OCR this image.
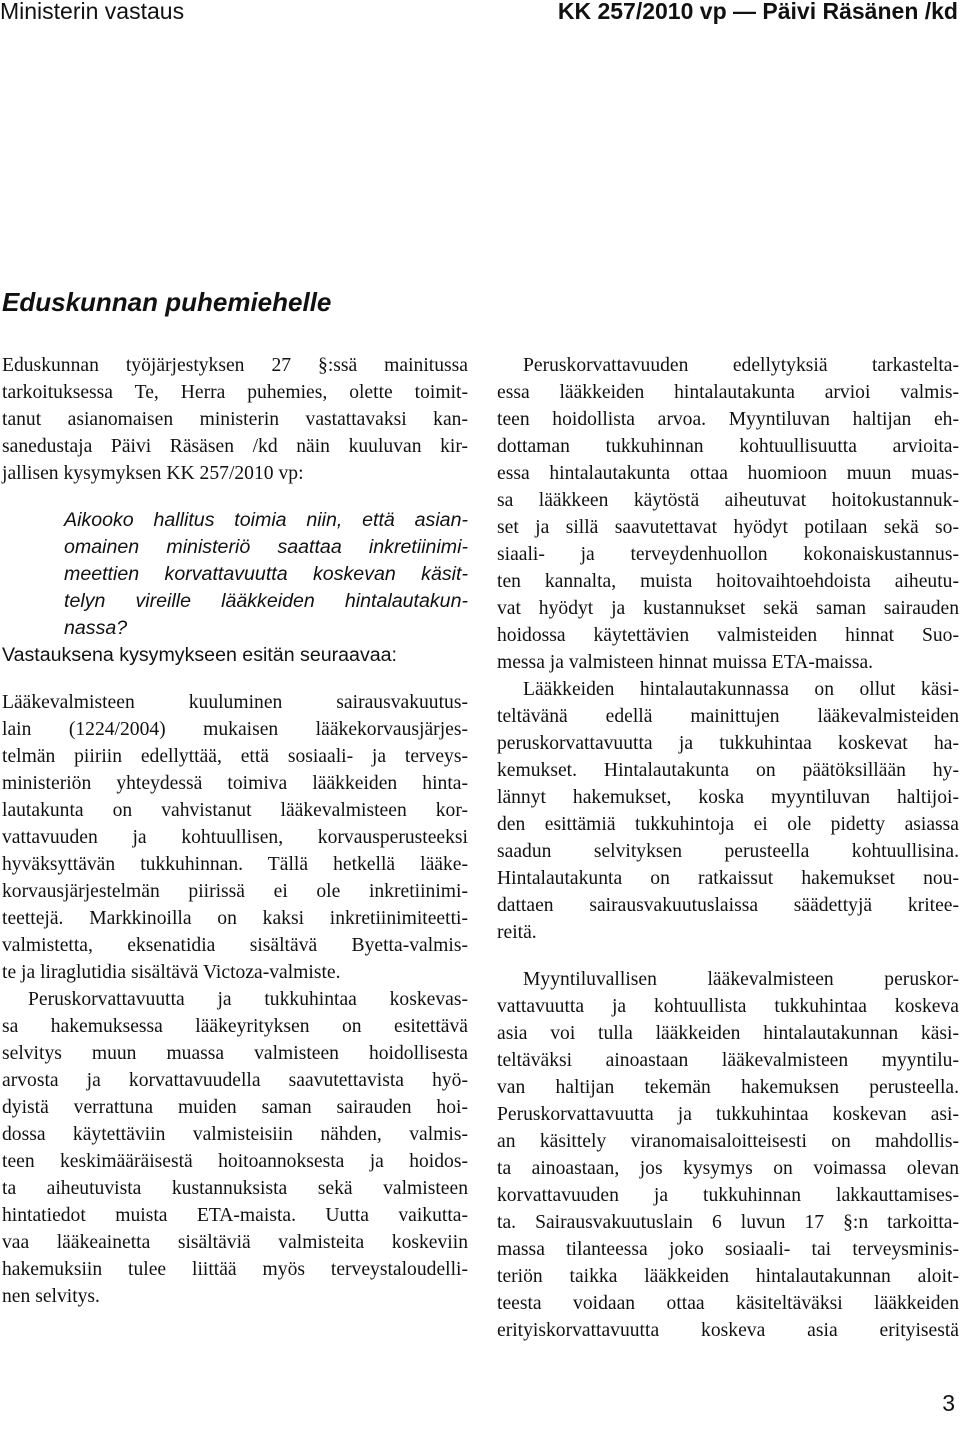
Ministerin vastaus	KK 257/2010 vp — Päivi Räsänen /kd
Eduskunnan puhemiehelle
Eduskunnan työjärjestyksen 27 §:ssä mainitussa
tarkoituksessa Te, Herra puhemies, olette toimit-
tanut asianomaisen ministerin vastattavaksi kan-
sanedustaja Päivi Räsäsen /kd näin kuuluvan kir-
jallisen kysymyksen KK 257/2010 vp:
Aikooko hallitus toimia niin, että asian-
omainen ministeriö saattaa inkretiinimi-
meettien korvattavuutta koskevan käsit-
telyn vireille lääkkeiden hintalautakun-
nassa?
Vastauksena kysymykseen esitän seuraavaa:
Lääkevalmisteen kuuluminen sairausvakuutus-
lain (1224/2004) mukaisen lääkekorvausjärjes-
telmän piiriin edellyttää, että sosiaali- ja terveys-
ministeriön yhteydessä toimiva lääkkeiden hinta-
lautakunta on vahvistanut lääkevalmisteen kor-
vattavuuden ja kohtuullisen, korvausperusteeksi
hyväksyttävän tukkuhinnan. Tällä hetkellä lääke-
korvausjärjestelmän piirissä ei ole inkretiinimi-
teettejä. Markkinoilla on kaksi inkretiinimiteetti-
valmistetta, eksenatidia sisältävä Byetta-valmis-
te ja liraglutidia sisältävä Victoza-valmiste.
Peruskorvattavuutta ja tukkuhintaa koskevas-
sa hakemuksessa lääkeyrityksen on esitettävä
selvitys muun muassa valmisteen hoidollisesta
arvosta ja korvattavuudella saavutettavista hyö-
dyistä verrattuna muiden saman sairauden hoi-
dossa käytettäviin valmisteisiin nähden, valmis-
teen keskimääräisestä hoitoannoksesta ja hoidos-
ta aiheutuvista kustannuksista sekä valmisteen
hintatiedot muista ETA-maista. Uutta vaikutta-
vaa lääkeainetta sisältäviä valmisteita koskeviin
hakemuksiin tulee liittää myös terveystaloudelli-
nen selvitys.
Peruskorvattavuuden edellytyksiä tarkastelta-
essa lääkkeiden hintalautakunta arvioi valmis-
teen hoidollista arvoa. Myyntiluvan haltijan eh-
dottaman tukkuhinnan kohtuullisuutta arvioita-
essa hintalautakunta ottaa huomioon muun muas-
sa lääkkeen käytöstä aiheutuvat hoitokustannuk-
set ja sillä saavutettavat hyödyt potilaan sekä so-
siaali- ja terveydenhuollon kokonaiskustannus-
ten kannalta, muista hoitovaihtoehdoista aiheutu-
vat hyödyt ja kustannukset sekä saman sairauden
hoidossa käytettävien valmisteiden hinnat Suo-
messa ja valmisteen hinnat muissa ETA-maissa.
Lääkkeiden hintalautakunnassa on ollut käsi-
teltävänä edellä mainittujen lääkevalmisteiden
peruskorvattavuutta ja tukkuhintaa koskevat ha-
kemukset. Hintalautakunta on päätöksillään hy-
lännyt hakemukset, koska myyntiluvan haltijoi-
den esittämiä tukkuhintoja ei ole pidetty asiassa
saadun selvityksen perusteella kohtuullisina.
Hintalautakunta on ratkaissut hakemukset nou-
dattaen sairausvakuutuslaissa säädettyjä kritee-
reitä.
Myyntiluvallisen lääkevalmisteen peruskor-
vattavuutta ja kohtuullista tukkuhintaa koskeva
asia voi tulla lääkkeiden hintalautakunnan käsi-
teltäväksi ainoastaan lääkevalmisteen myyntilu-
van haltijan tekemän hakemuksen perusteella.
Peruskorvattavuutta ja tukkuhintaa koskevan asi-
an käsittely viranomaisaloitteisesti on mahdollis-
ta ainoastaan, jos kysymys on voimassa olevan
korvattavuuden ja tukkuhinnan lakkauttamises-
ta. Sairausvakuutuslain 6 luvun 17 §:n tarkoitta-
massa tilanteessa joko sosiaali- tai terveysminis-
teriön taikka lääkkeiden hintalautakunnan aloit-
teesta voidaan ottaa käsiteltäväksi lääkkeiden
erityiskorvattavuutta koskeva asia erityisestä
3
